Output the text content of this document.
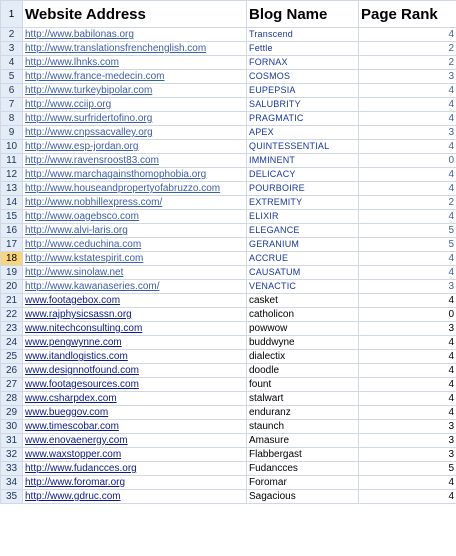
1	Website Address	Blog Name	Page Rank
2	http://www.babilonas.org	Transcend	4
3	http://www.translationsfrenchenglish.com	Fettle	2
4	http://www.lhnks.com	FORNAX	2
5	http://www.france-medecin.com	COSMOS	3
6	http://www.turkeybipolar.com	EUPEPSIA	4
7	http://www.cciip.org	SALUBRITY	4
8	http://www.surfridertofino.org	PRAGMATIC	4
9	http://www.cnpssacvalley.org	APEX	3
10	http://www.esp-jordan.org	QUINTESSENTIAL	4
11	http://www.ravensroost83.com	IMMINENT	0
12	http://www.marchagainsthomophobia.org	DELICACY	4
13	http://www.houseandpropertyofabruzzo.com	POURBOIRE	4
14	http://www.nobhillexpress.com/	EXTREMITY	2
15	http://www.oagebsco.com	ELIXIR	4
16	http://www.alvi-laris.org	ELEGANCE	5
17	http://www.ceduchina.com	GERANIUM	5
18	http://www.kstatespirit.com	ACCRUE	4
19	http://www.sinolaw.net	CAUSATUM	4
20	http://www.kawanaseries.com/	VENACTIC	3
21	www.footagebox.com	casket	4
22	www.rajphysicsassn.org	catholicon	0
23	www.nitechconsulting.com	powwow	3
24	www.pengwynne.com	buddwyne	4
25	www.itandlogistics.com	dialectix	4
26	www.designnotfound.com	doodle	4
27	www.footagesources.com	fount	4
28	www.csharpdex.com	stalwart	4
29	www.bueggov.com	enduranz	4
30	www.timescobar.com	staunch	3
31	www.enovaenergy.com	Amasure	3
32	www.waxstopper.com	Flabbergast	3
33	http://www.fudancces.org	Fudancces	5
34	http://www.foromar.org	Foromar	4
35	http://www.gdruc.com	Sagacious	4
